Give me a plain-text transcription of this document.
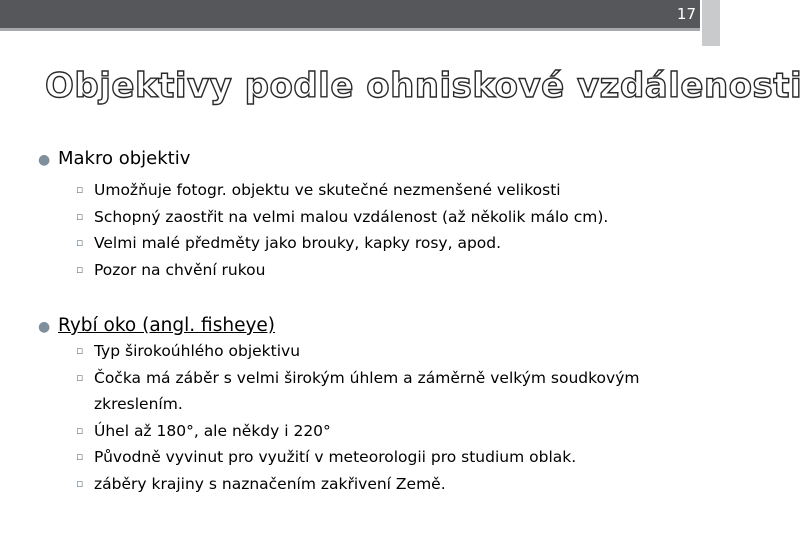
17
Objektivy podle ohniskové vzdálenosti
● Makro objektiv
▫ Umožňuje fotogr. objektu ve skutečné nezmenšené velikosti
▫ Schopný zaostřit na velmi malou vzdálenost (až několik málo cm).
▫ Velmi malé předměty jako brouky, kapky rosy, apod.
▫ Pozor na chvění rukou
● Rybí oko (angl. fisheye)
▫ Typ širokoúhlého objektivu
▫ Čočka má záběr s velmi širokým úhlem a záměrně velkým soudkovým zkreslením.
▫ Úhel až 180°, ale někdy i 220°
▫ Původně vyvinut pro využití v meteorologii pro studium oblak.
▫ záběry krajiny s naznačením zakřivení Země.
